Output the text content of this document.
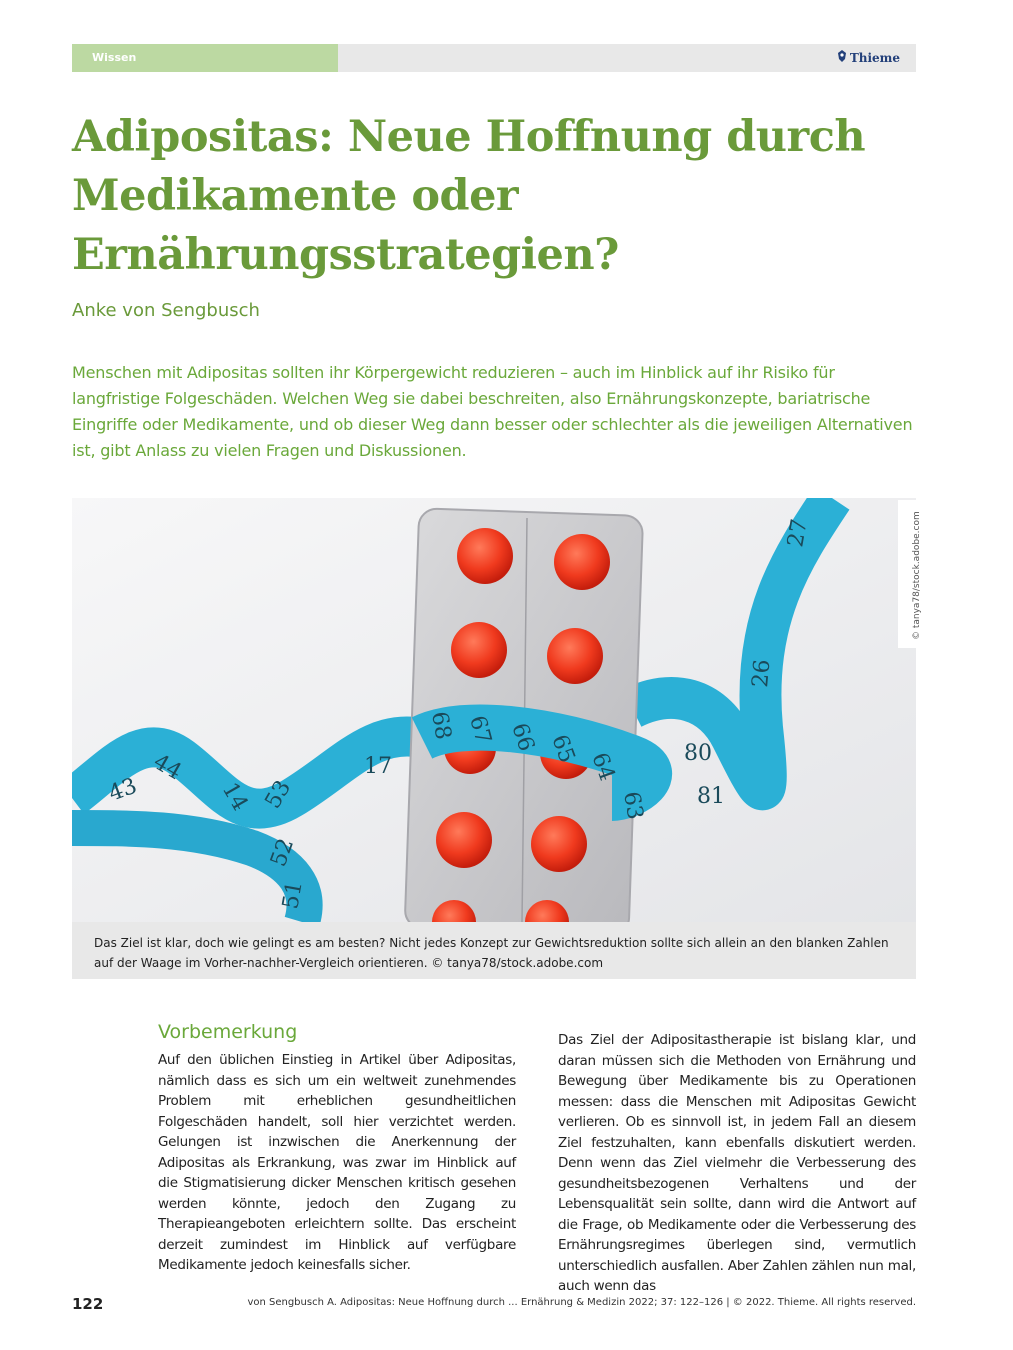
Wissen	Thieme
Adipositas: Neue Hoffnung durch Medikamente oder Ernährungsstrategien?
Anke von Sengbusch

Menschen mit Adipositas sollten ihr Körpergewicht reduzieren – auch im Hinblick auf ihr Risiko für langfristige Folgeschäden. Welchen Weg sie dabei beschreiten, also Ernährungskonzepte, bariatrische Eingriffe oder Medikamente, und ob dieser Weg dann besser oder schlechter als die jeweiligen Alternativen ist, gibt Anlass zu vielen Fragen und Diskussionen.

43
44
14
17
53
52
51
68 67 66 65
64
63
80
81
26
27	© tanya78/stock.adobe.com
Das Ziel ist klar, doch wie gelingt es am besten? Nicht jedes Konzept zur Gewichtsreduktion sollte sich allein an den blanken Zahlen auf der Waage im Vorher-nachher-Vergleich orientieren. © tanya78/stock.adobe.com
Vorbemerkung

Auf den üblichen Einstieg in Artikel über Adipositas, nämlich dass es sich um ein weltweit zunehmendes Problem mit erheblichen gesundheitlichen Folgeschäden handelt, soll hier verzichtet werden. Gelungen ist inzwischen die Anerkennung der Adipositas als Erkrankung, was zwar im Hinblick auf die Stigmatisierung dicker Menschen kritisch gesehen werden könnte, jedoch den Zugang zu Therapieangeboten erleichtern sollte. Das erscheint derzeit zumindest im Hinblick auf verfügbare Medikamente jedoch keinesfalls sicher.

Das Ziel der Adipositastherapie ist bislang klar, und daran müssen sich die Methoden von Ernährung und Bewegung über Medikamente bis zu Operationen messen: dass die Menschen mit Adipositas Gewicht verlieren. Ob es sinnvoll ist, in jedem Fall an diesem Ziel festzuhalten, kann ebenfalls diskutiert werden. Denn wenn das Ziel vielmehr die Verbesserung des gesundheitsbezogenen Verhaltens und der Lebensqualität sein sollte, dann wird die Antwort auf die Frage, ob Medikamente oder die Verbesserung des Ernährungsregimes überlegen sind, vermutlich unterschiedlich ausfallen. Aber Zahlen zählen nun mal, auch wenn das

122	von Sengbusch A. Adipositas: Neue Hoffnung durch ... Ernährung & Medizin 2022; 37: 122–126 | © 2022. Thieme. All rights reserved.
